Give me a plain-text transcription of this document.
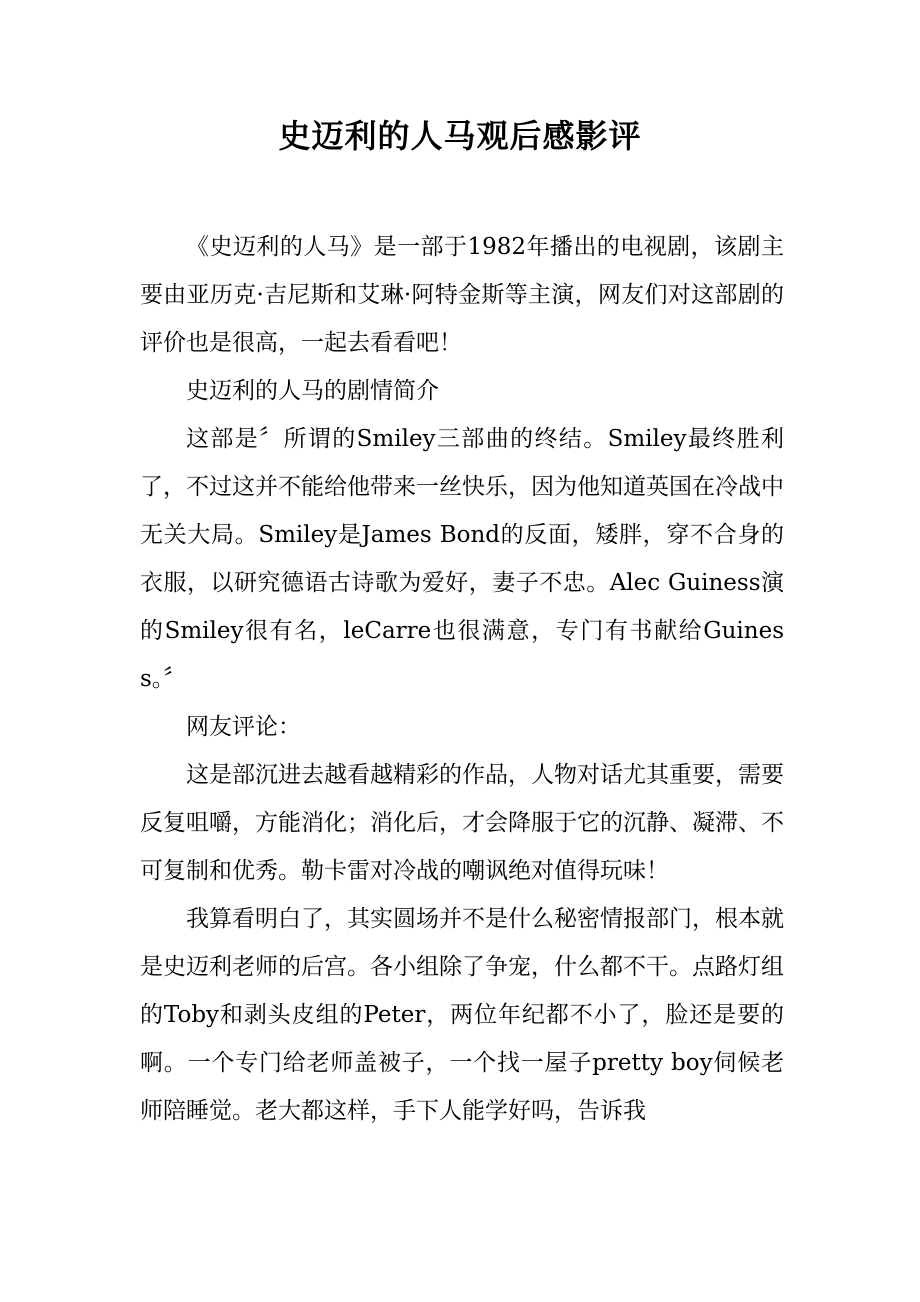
史迈利的人马观后感影评

《史迈利的人马》是一部于1982年播出的电视剧，该剧主要由亚历克·吉尼斯和艾琳·阿特金斯等主演，网友们对这部剧的评价也是很高，一起去看看吧！

史迈利的人马的剧情简介

这部是〞所谓的Smiley三部曲的终结。Smiley最终胜利了，不过这并不能给他带来一丝快乐，因为他知道英国在冷战中无关大局。Smiley是James Bond的反面，矮胖，穿不合身的衣服，以研究德语古诗歌为爱好，妻子不忠。Alec Guiness演的Smiley很有名，leCarre也很满意，专门有书献给Guiness。〞

网友评论：

这是部沉进去越看越精彩的作品，人物对话尤其重要，需要反复咀嚼，方能消化；消化后，才会降服于它的沉静、凝滞、不可复制和优秀。勒卡雷对冷战的嘲讽绝对值得玩味！

我算看明白了，其实圆场并不是什么秘密情报部门，根本就是史迈利老师的后宫。各小组除了争宠，什么都不干。点路灯组的Toby和剥头皮组的Peter，两位年纪都不小了，脸还是要的啊。一个专门给老师盖被子，一个找一屋子pretty boy伺候老师陪睡觉。老大都这样，手下人能学好吗，告诉我
